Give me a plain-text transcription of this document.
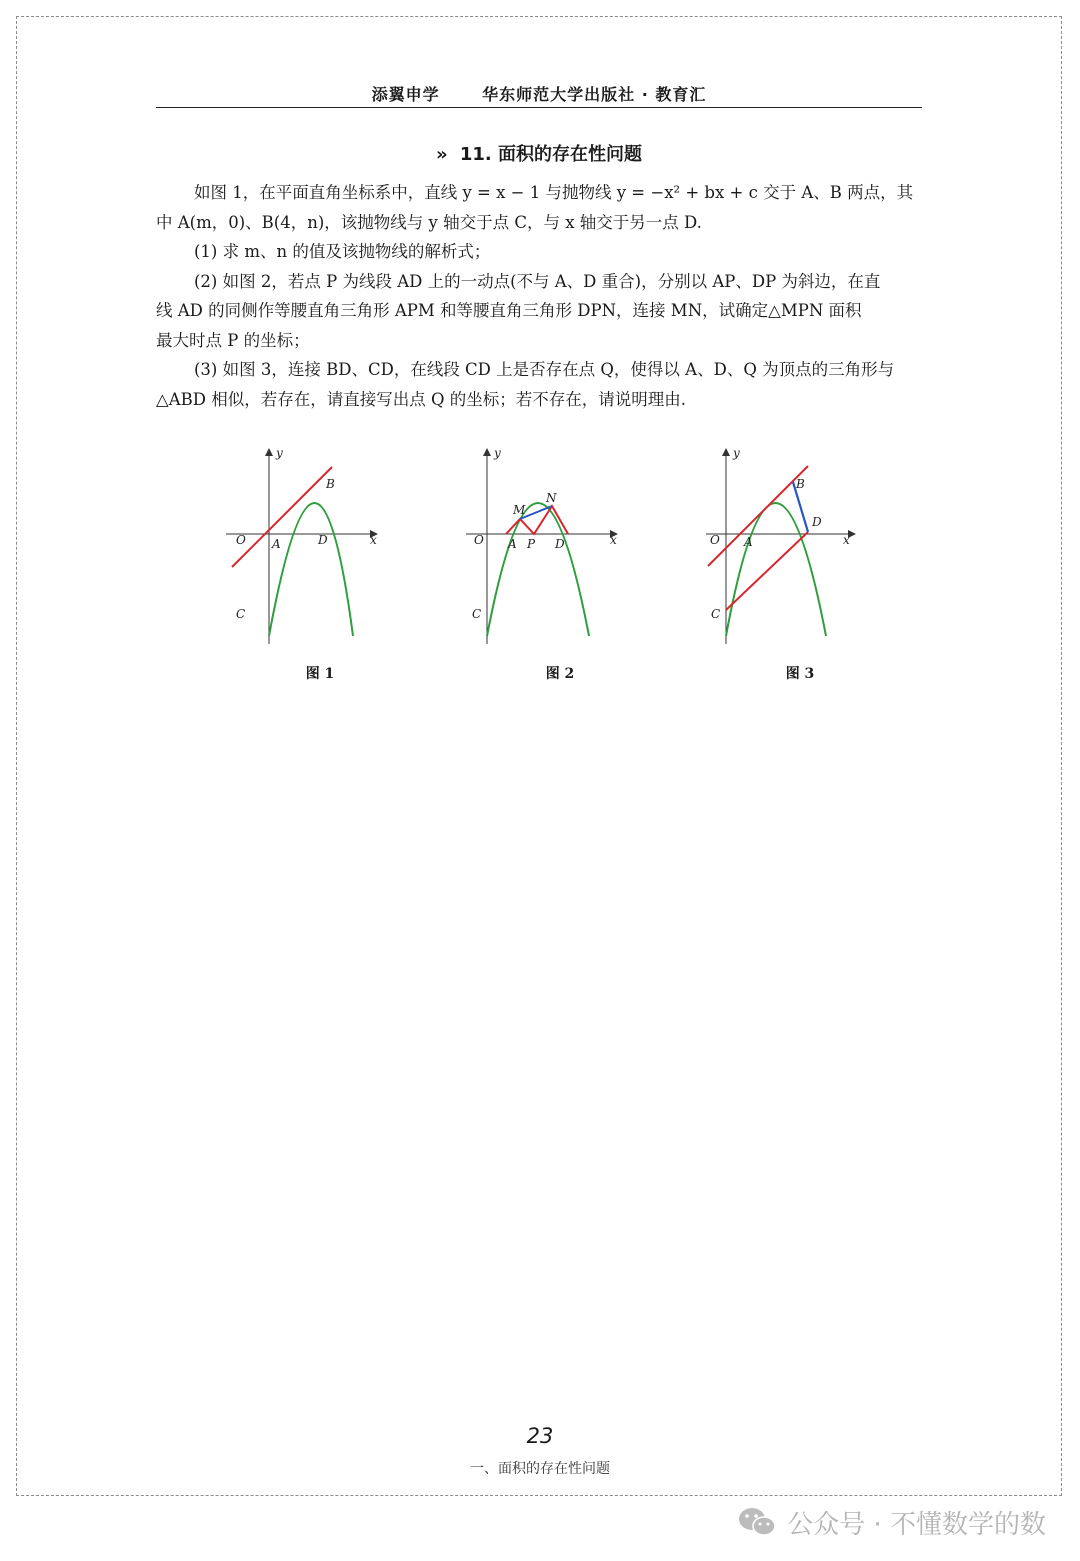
添翼申学	华东师范大学出版社 · 教育汇
» 11. 面积的存在性问题

如图 1，在平面直角坐标系中，直线 y = x − 1 与抛物线 y = −x² + bx + c 交于 A、B 两点，其

中 A(m，0)、B(4，n)，该抛物线与 y 轴交于点 C，与 x 轴交于另一点 D.

(1) 求 m、n 的值及该抛物线的解析式；

(2) 如图 2，若点 P 为线段 AD 上的一动点(不与 A、D 重合)，分别以 AP、DP 为斜边，在直

线 AD 的同侧作等腰直角三角形 APM 和等腰直角三角形 DPN，连接 MN，试确定△MPN 面积

最大时点 P 的坐标；

(3) 如图 3，连接 BD、CD，在线段 CD 上是否存在点 Q，使得以 A、D、Q 为顶点的三角形与

△ABD 相似，若存在，请直接写出点 Q 的坐标；若不存在，请说明理由.

y
x
O A	D
B
C
图 1
y
x
O A P D
M
N
C
图 2
y
x
O A
D
B
C
图 3
23
一、面积的存在性问题
公众号 · 不懂数学的数
